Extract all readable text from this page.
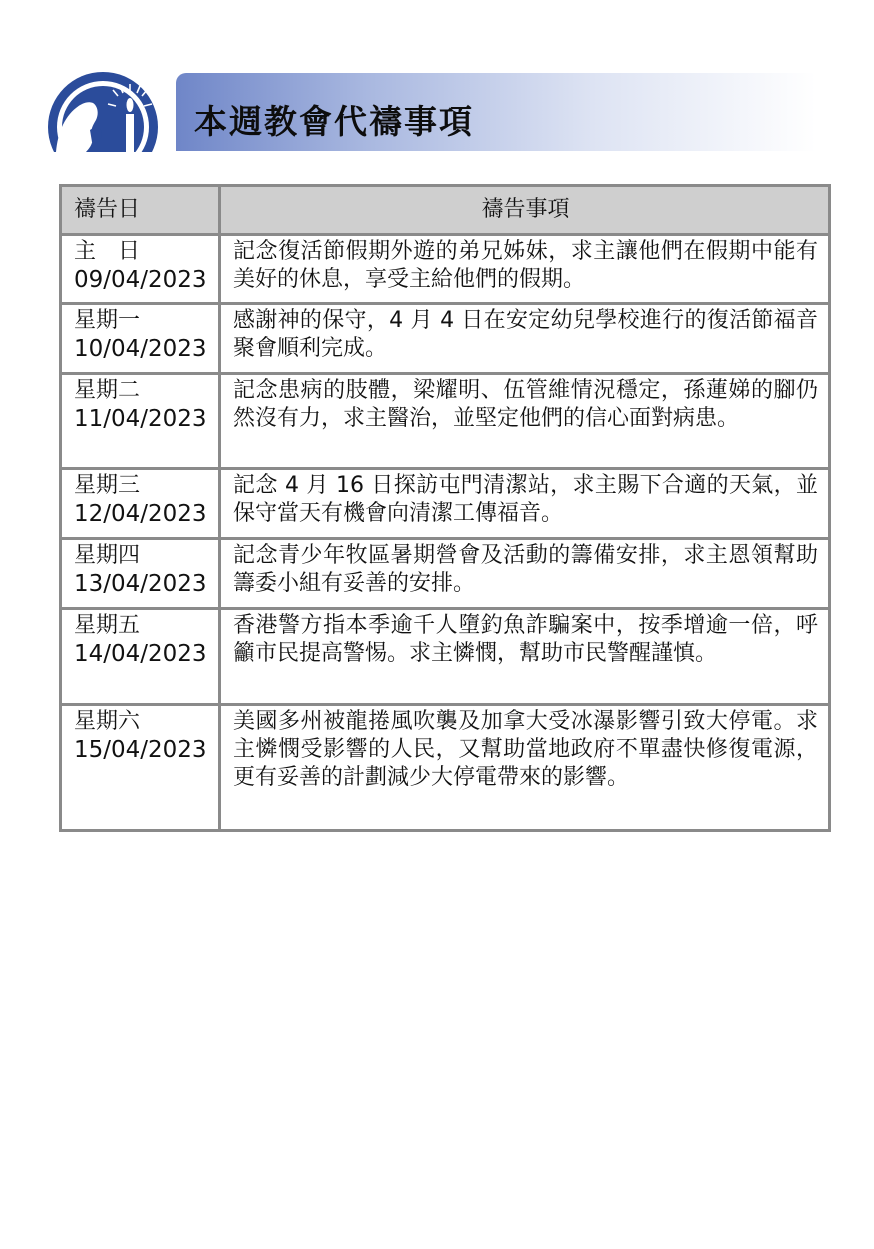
本週教會代禱事項
禱告日	禱告事項

主　日
09/04/2023	記念復活節假期外遊的弟兄姊妹，求主讓他們在假期中能有美好的休息，享受主給他們的假期。

星期一
10/04/2023	感謝神的保守，4 月 4 日在安定幼兒學校進行的復活節福音聚會順利完成。

星期二
11/04/2023	記念患病的肢體，梁耀明、伍管維情況穩定，孫蓮娣的腳仍然沒有力，求主醫治，並堅定他們的信心面對病患。

星期三
12/04/2023	記念 4 月 16 日探訪屯門清潔站，求主賜下合適的天氣，並保守當天有機會向清潔工傳福音。

星期四
13/04/2023	記念青少年牧區暑期營會及活動的籌備安排，求主恩領幫助籌委小組有妥善的安排。

星期五
14/04/2023	香港警方指本季逾千人墮釣魚詐騙案中，按季增逾一倍，呼籲市民提高警惕。求主憐憫，幫助市民警醒謹慎。

星期六
15/04/2023	美國多州被龍捲風吹襲及加拿大受冰瀑影響引致大停電。求主憐憫受影響的人民，又幫助當地政府不單盡快修復電源，更有妥善的計劃減少大停電帶來的影響。
